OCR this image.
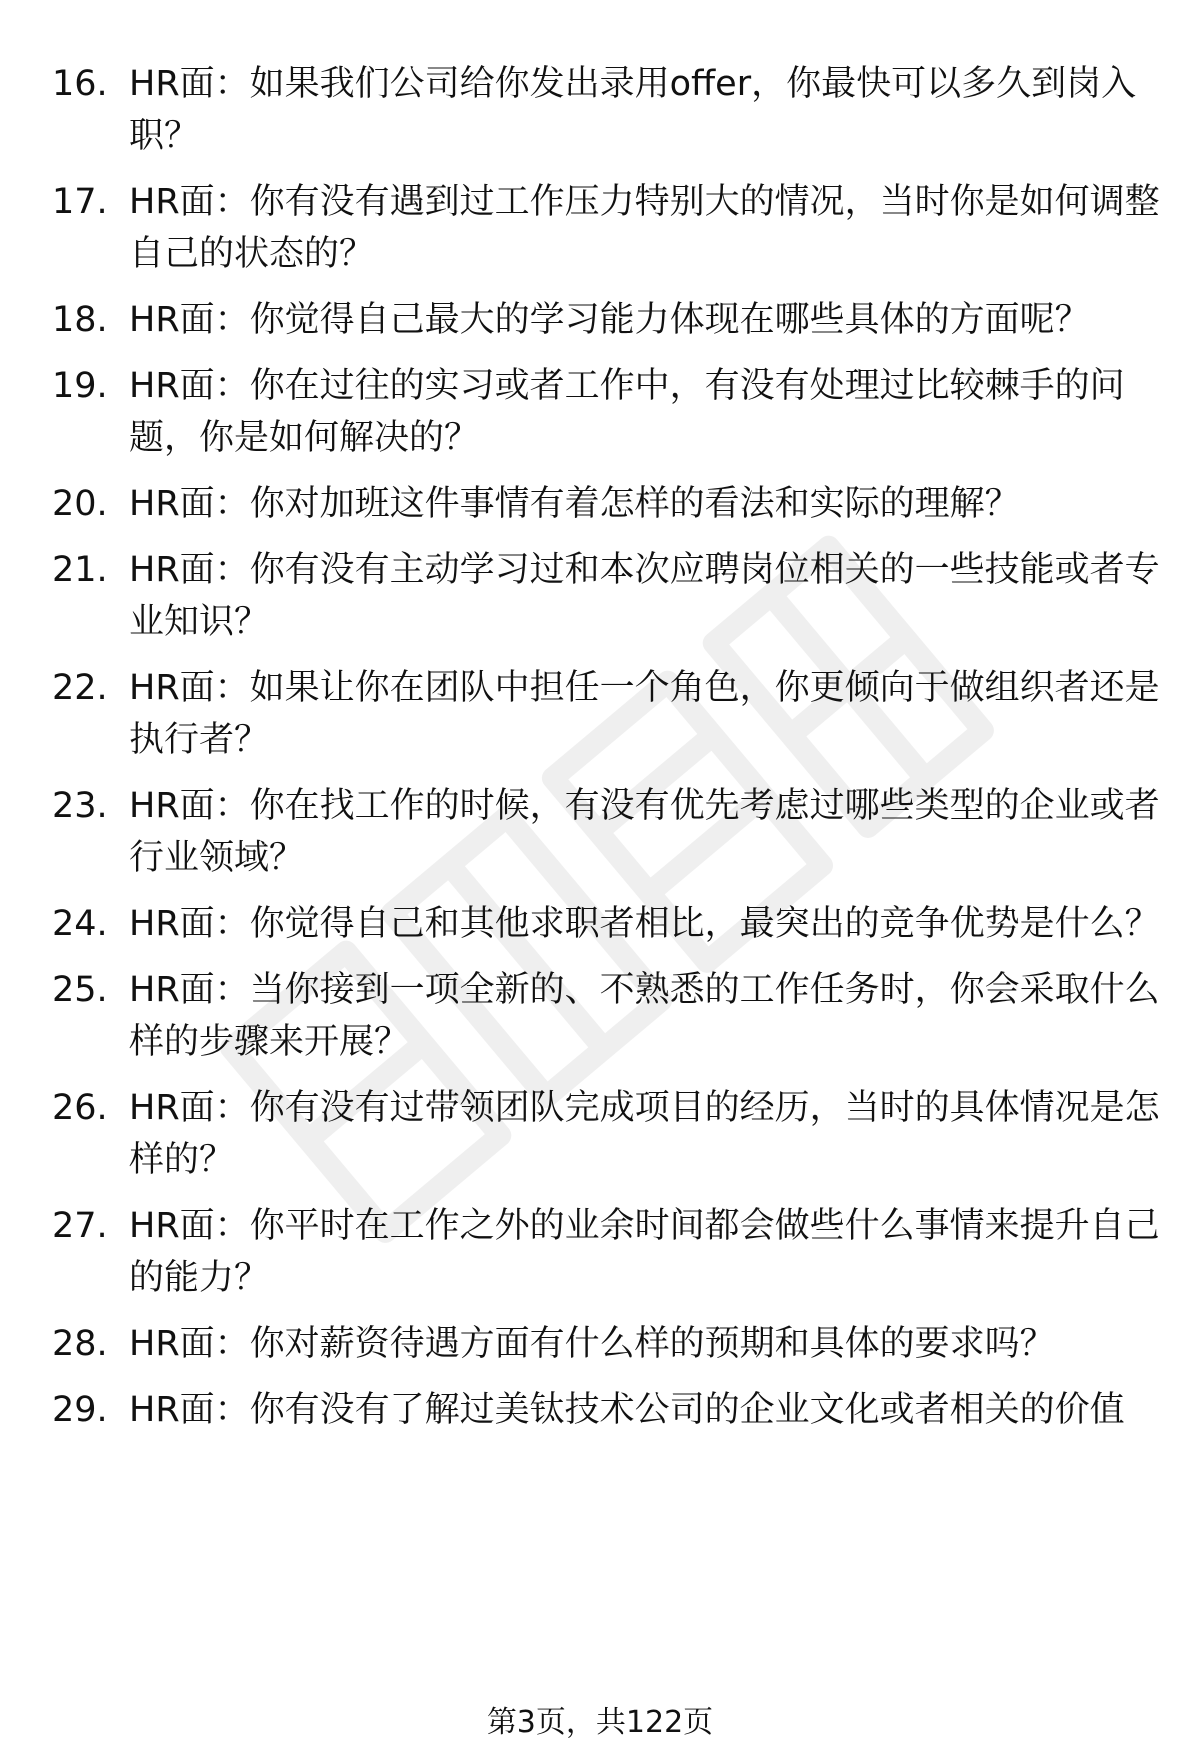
16. HR面：如果我们公司给你发出录用offer，你最快可以多久到岗入职？
17. HR面：你有没有遇到过工作压力特别大的情况，当时你是如何调整自己的状态的？
18. HR面：你觉得自己最大的学习能力体现在哪些具体的方面呢？
19. HR面：你在过往的实习或者工作中，有没有处理过比较棘手的问题，你是如何解决的？
20. HR面：你对加班这件事情有着怎样的看法和实际的理解？
21. HR面：你有没有主动学习过和本次应聘岗位相关的一些技能或者专业知识？
22. HR面：如果让你在团队中担任一个角色，你更倾向于做组织者还是执行者？
23. HR面：你在找工作的时候，有没有优先考虑过哪些类型的企业或者行业领域？
24. HR面：你觉得自己和其他求职者相比，最突出的竞争优势是什么？
25. HR面：当你接到一项全新的、不熟悉的工作任务时，你会采取什么样的步骤来开展？
26. HR面：你有没有过带领团队完成项目的经历，当时的具体情况是怎样的？
27. HR面：你平时在工作之外的业余时间都会做些什么事情来提升自己的能力？
28. HR面：你对薪资待遇方面有什么样的预期和具体的要求吗？
29. HR面：你有没有了解过美钛技术公司的企业文化或者相关的价值
第3页，共122页
